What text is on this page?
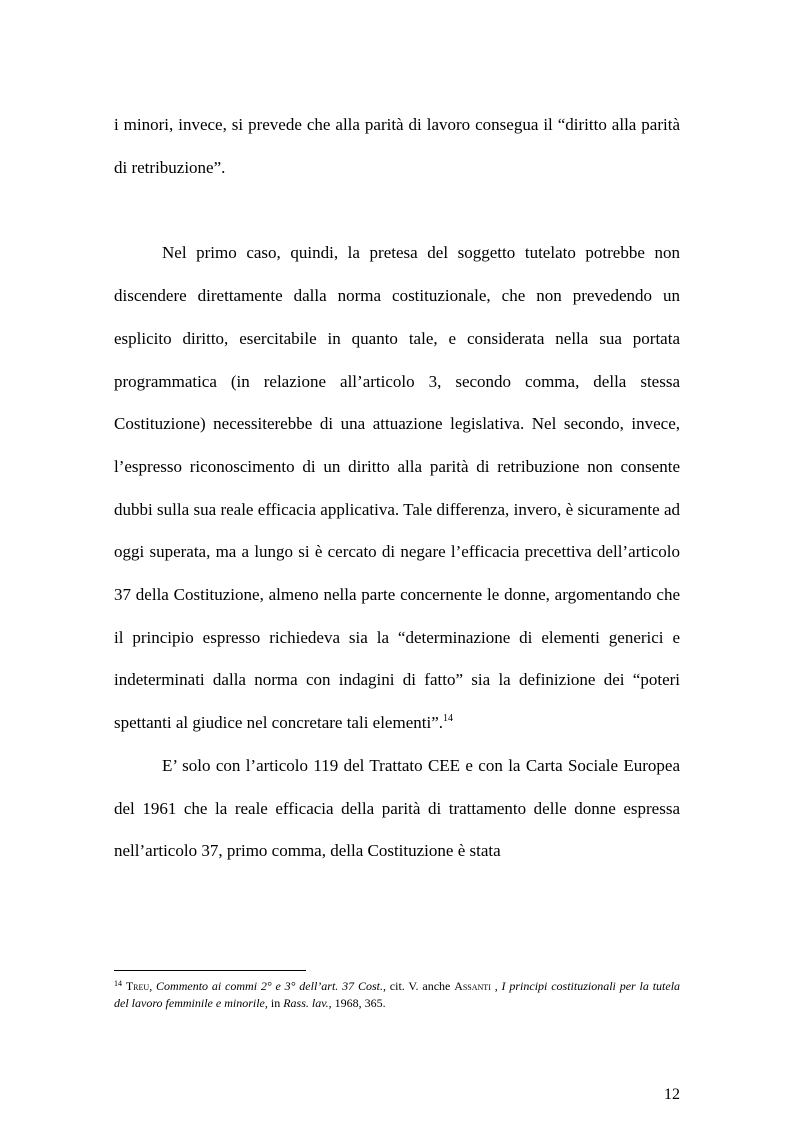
i minori, invece, si prevede che alla parità di lavoro consegua il “diritto alla parità di retribuzione”.

Nel primo caso, quindi, la pretesa del soggetto tutelato potrebbe non discendere direttamente dalla norma costituzionale, che non prevedendo un esplicito diritto, esercitabile in quanto tale, e considerata nella sua portata programmatica (in relazione all’articolo 3, secondo comma, della stessa Costituzione) necessiterebbe di una attuazione legislativa. Nel secondo, invece, l’espresso riconoscimento di un diritto alla parità di retribuzione non consente dubbi sulla sua reale efficacia applicativa. Tale differenza, invero, è sicuramente ad oggi superata, ma a lungo si è cercato di negare l’efficacia precettiva dell’articolo 37 della Costituzione, almeno nella parte concernente le donne, argomentando che il principio espresso richiedeva sia la “determinazione di elementi generici e indeterminati dalla norma con indagini di fatto” sia la definizione dei “poteri spettanti al giudice nel concretare tali elementi”.$^{14}$

E’ solo con l’articolo 119 del Trattato CEE e con la Carta Sociale Europea del 1961 che la reale efficacia della parità di trattamento delle donne espressa nell’articolo 37, primo comma, della Costituzione è stata

$^{14}$ Treu, Commento ai commi 2° e 3° dell’art. 37 Cost., cit. V. anche Assanti , I principi costituzionali per la tutela del lavoro femminile e minorile, in Rass. lav., 1968, 365.

12
